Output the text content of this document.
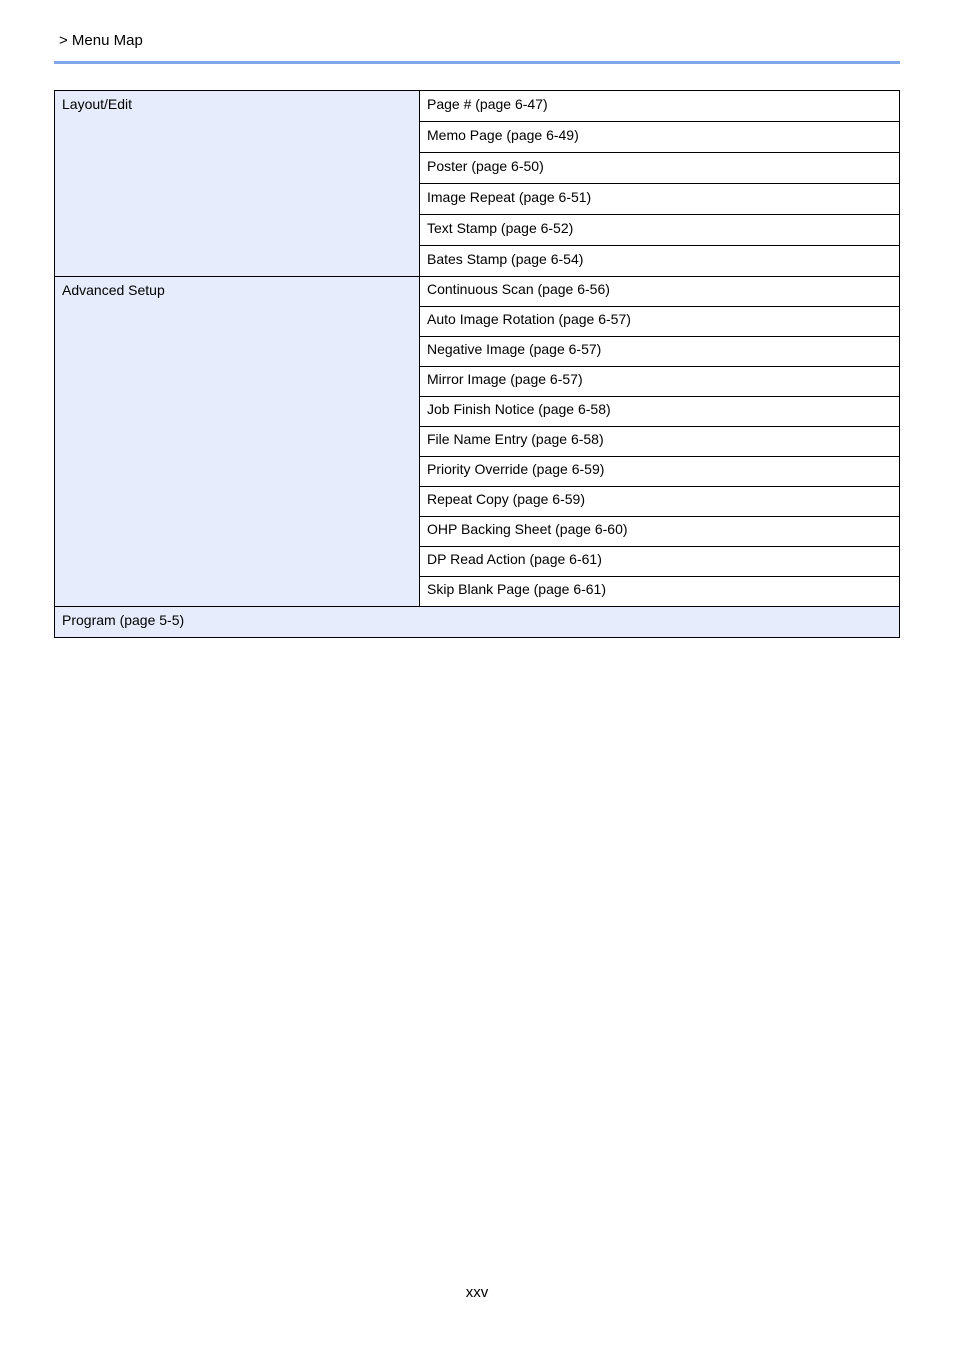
> Menu Map
Layout/Edit	Page # (page 6-47)
	Memo Page (page 6-49)
	Poster (page 6-50)
	Image Repeat (page 6-51)
	Text Stamp (page 6-52)
	Bates Stamp (page 6-54)
Advanced Setup	Continuous Scan (page 6-56)
	Auto Image Rotation (page 6-57)
	Negative Image (page 6-57)
	Mirror Image (page 6-57)
	Job Finish Notice (page 6-58)
	File Name Entry (page 6-58)
	Priority Override (page 6-59)
	Repeat Copy (page 6-59)
	OHP Backing Sheet (page 6-60)
	DP Read Action (page 6-61)
	Skip Blank Page (page 6-61)
Program (page 5-5)	
xxv
